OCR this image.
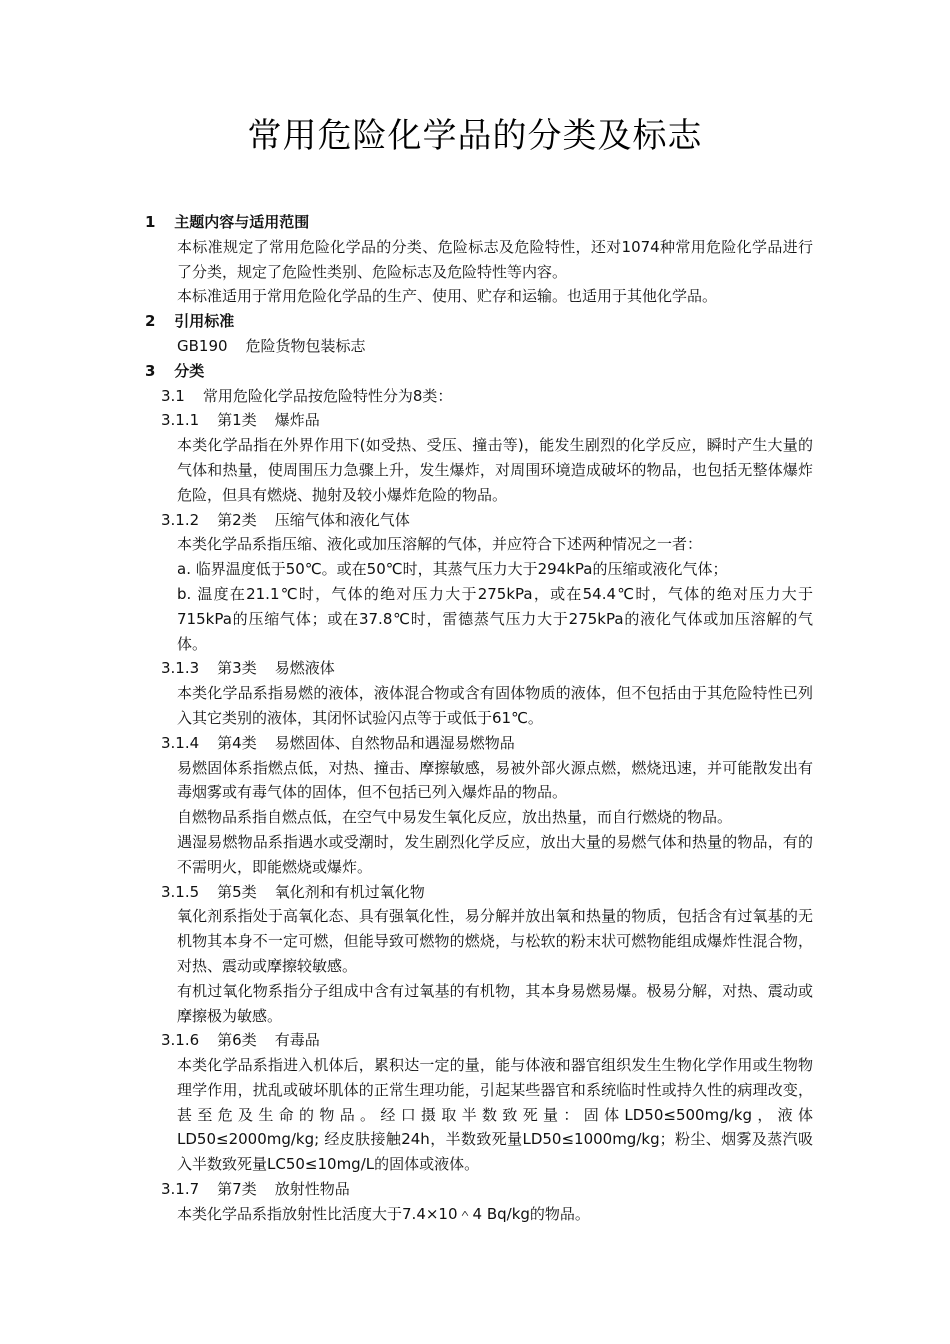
常用危险化学品的分类及标志

1 主题内容与适用范围

本标准规定了常用危险化学品的分类、危险标志及危险特性，还对1074种常用危险化学品进行了分类，规定了危险性类别、危险标志及危险特性等内容。

本标准适用于常用危险化学品的生产、使用、贮存和运输。也适用于其他化学品。

2 引用标准

GB190 危险货物包装标志

3 分类

3.1 常用危险化学品按危险特性分为8类：

3.1.1 第1类 爆炸品

本类化学品指在外界作用下(如受热、受压、撞击等)，能发生剧烈的化学反应，瞬时产生大量的气体和热量，使周围压力急骤上升，发生爆炸，对周围环境造成破坏的物品，也包括无整体爆炸危险，但具有燃烧、抛射及较小爆炸危险的物品。

3.1.2 第2类 压缩气体和液化气体

本类化学品系指压缩、液化或加压溶解的气体，并应符合下述两种情况之一者：

a. 临界温度低于50℃。或在50℃时，其蒸气压力大于294kPa的压缩或液化气体；

b. 温度在21.1℃时，气体的绝对压力大于275kPa，或在54.4℃时，气体的绝对压力大于715kPa的压缩气体；或在37.8℃时，雷德蒸气压力大于275kPa的液化气体或加压溶解的气体。

3.1.3 第3类 易燃液体

本类化学品系指易燃的液体，液体混合物或含有固体物质的液体，但不包括由于其危险特性已列入其它类别的液体，其闭怀试验闪点等于或低于61℃。

3.1.4 第4类 易燃固体、自然物品和遇湿易燃物品

易燃固体系指燃点低，对热、撞击、摩擦敏感，易被外部火源点燃，燃烧迅速，并可能散发出有毒烟雾或有毒气体的固体，但不包括已列入爆炸品的物品。

自燃物品系指自燃点低，在空气中易发生氧化反应，放出热量，而自行燃烧的物品。

遇湿易燃物品系指遇水或受潮时，发生剧烈化学反应，放出大量的易燃气体和热量的物品，有的不需明火，即能燃烧或爆炸。

3.1.5 第5类 氧化剂和有机过氧化物

氧化剂系指处于高氧化态、具有强氧化性，易分解并放出氧和热量的物质，包括含有过氧基的无机物其本身不一定可燃，但能导致可燃物的燃烧，与松软的粉末状可燃物能组成爆炸性混合物，对热、震动或摩擦较敏感。

有机过氧化物系指分子组成中含有过氧基的有机物，其本身易燃易爆。极易分解，对热、震动或摩擦极为敏感。

3.1.6 第6类 有毒品

本类化学品系指进入机体后，累积达一定的量，能与体液和器官组织发生生物化学作用或生物物理学作用，扰乱或破坏肌体的正常生理功能，引起某些器官和系统临时性或持久性的病理改变，甚至危及生命的物品。经口摄取半数致死量：固体LD50≤500mg/kg，液体LD50≤2000mg/kg; 经皮肤接触24h，半数致死量LD50≤1000mg/kg；粉尘、烟雾及蒸汽吸入半数致死量LC50≤10mg/L的固体或液体。

3.1.7 第7类 放射性物品

本类化学品系指放射性比活度大于7.4×10＾4 Bq/kg的物品。
